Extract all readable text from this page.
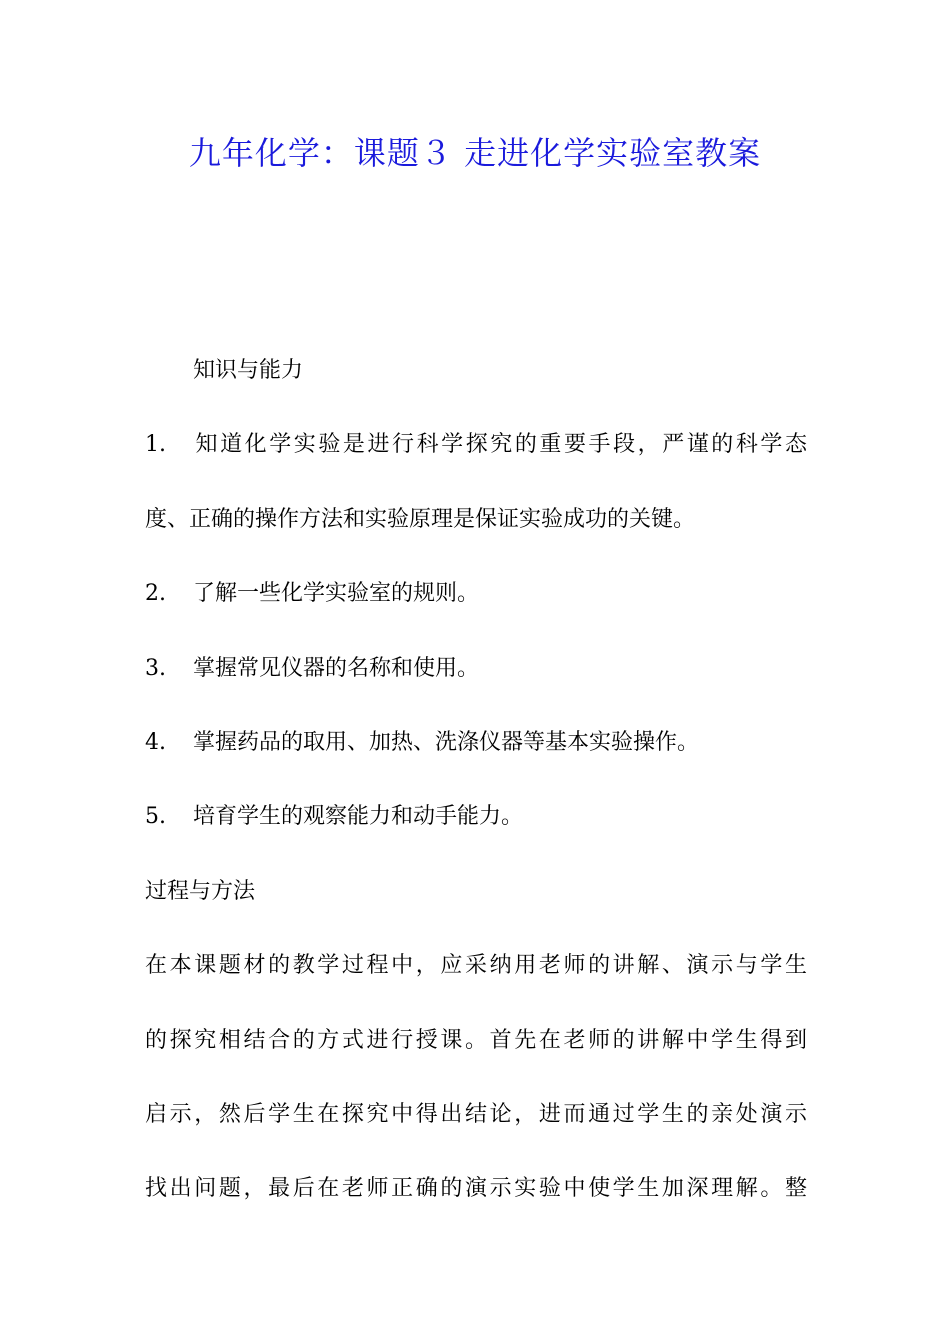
九年化学：课题３ 走进化学实验室教案

知识与能力

1. 知道化学实验是进行科学探究的重要手段，严谨的科学态

度、正确的操作方法和实验原理是保证实验成功的关键。

2. 了解一些化学实验室的规则。

3. 掌握常见仪器的名称和使用。

4. 掌握药品的取用、加热、洗涤仪器等基本实验操作。

5. 培育学生的观察能力和动手能力。

过程与方法

在本课题材的教学过程中，应采纳用老师的讲解、演示与学生

的探究相结合的方式进行授课。首先在老师的讲解中学生得到

启示，然后学生在探究中得出结论，进而通过学生的亲处演示

找出问题，最后在老师正确的演示实验中使学生加深理解。整
